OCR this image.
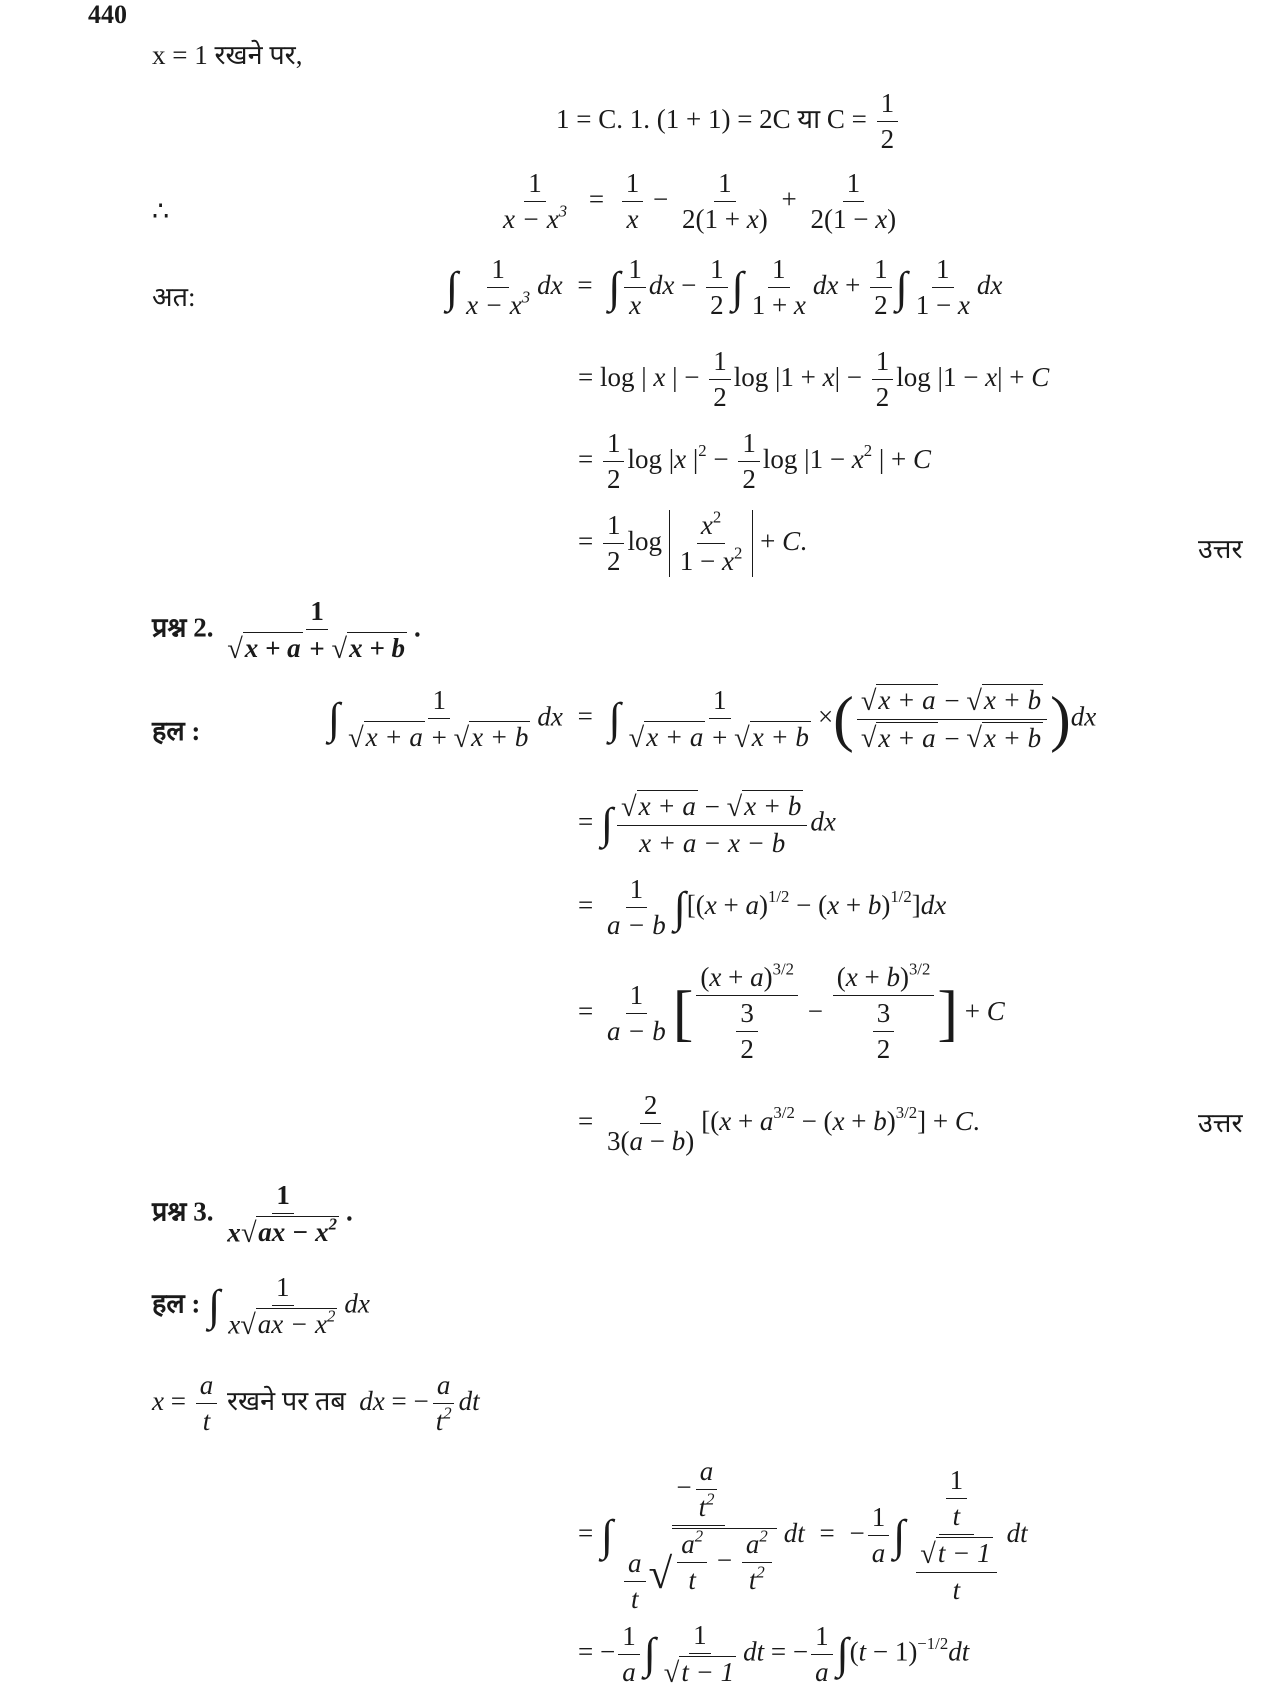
440
x = 1 रखने पर,
1 = C. 1. (1 + 1) = 2C या $C = \frac{1}{2}$
∴	$\frac{1}{x - x^3} = \frac{1}{x} - \frac{1}{2(1 + x)} + \frac{1}{2(1 - x)}$
अत:	∫ $\frac{1}{x - x^3}$ dx = ∫ $\frac{1}{x}$ dx − $\frac{1}{2}$ ∫ $\frac{1}{1 + x}$ dx + $\frac{1}{2}$ ∫ $\frac{1}{1 - x}$ dx
= log | x | − $\frac{1}{2}$ $\log |1 + x| - \frac{1}{2}$ log |1 − x| + C
= $\frac{1}{2}$ log |x $|^2 - \frac{1}{2}$ $\log |1 - x^2$ | + C
= $\frac{1}{2}$ $\log \frac{x^2}{1 - x^2} + C$.	उत्तर
प्रश्न 2. $\frac{1}{√ x + a + √ x + b}$ .
हल :	∫ $\frac{1}{√ x + a + √ x + b}$ dx = ∫ $\frac{1}{√ x + a + √ x + b}$ ×( $\frac{√ x + a - √ x + b}{√ x + a - √ x + b} )dx$
= ∫ $\frac{√ x + a - √ x + b}{x + a - x - b}$ dx
= $\frac{1}{a - b} \int[(x + a)^{1/2} - (x + b)^{1/2}]dx$
= $\frac{1}{a - b}$ [ $\frac{(x + a)^{3/2}}{\frac{3}{2}} - \frac{(x + b)^{3/2}}{\frac{3}{2}}$ ] + C
= $\frac{2}{3(a - b)} [(x + a^{3/2} - (x + b)^{3/2}] + C$.	उत्तर
प्रश्न 3. $\frac{1}{x √ ax - x^2}$ .
हल : ∫ $\frac{1}{x √ ax - x^2}$ dx
$x = \frac{a}{t}$ रखने पर तब dx = − $\frac{a}{t^2}$ dt
= ∫ $\frac{- \frac{a}{t^2}}{\frac{a}{t} √ \frac{a^2}{t} - \frac{a^2}{t^2}}$ dt = − $\frac{1}{a}$ ∫ $\frac{\frac{1}{t}}{\frac{√ t - 1}{t}}$ dt
= − $\frac{1}{a}$ ∫ $\frac{1}{√ t - 1}$ dt = − $\frac{1}{a} \int(t - 1)^{-1/2}dt$
